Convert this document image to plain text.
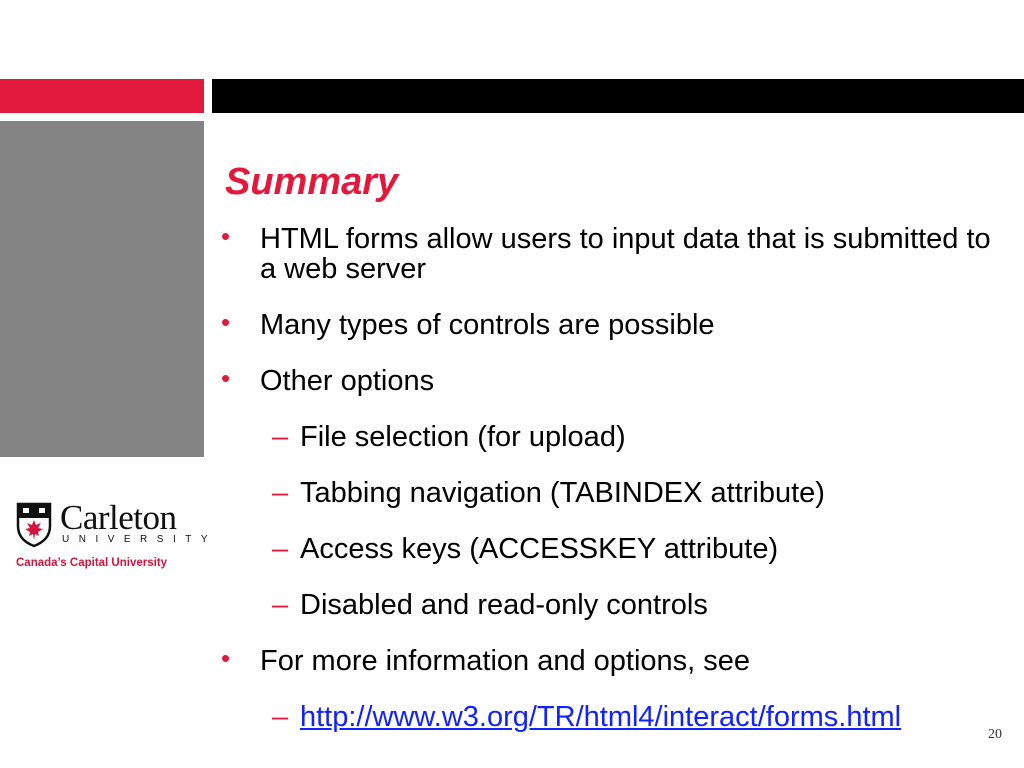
Carleton
UNIVERSITY
Canada’s Capital University
Summary
• HTML forms allow users to input data that is submitted to a web server
• Many types of controls are possible
• Other options
– File selection (for upload)
– Tabbing navigation (TABINDEX attribute)
– Access keys (ACCESSKEY attribute)
– Disabled and read-only controls
• For more information and options, see
– http://www.w3.org/TR/html4/interact/forms.html
20
